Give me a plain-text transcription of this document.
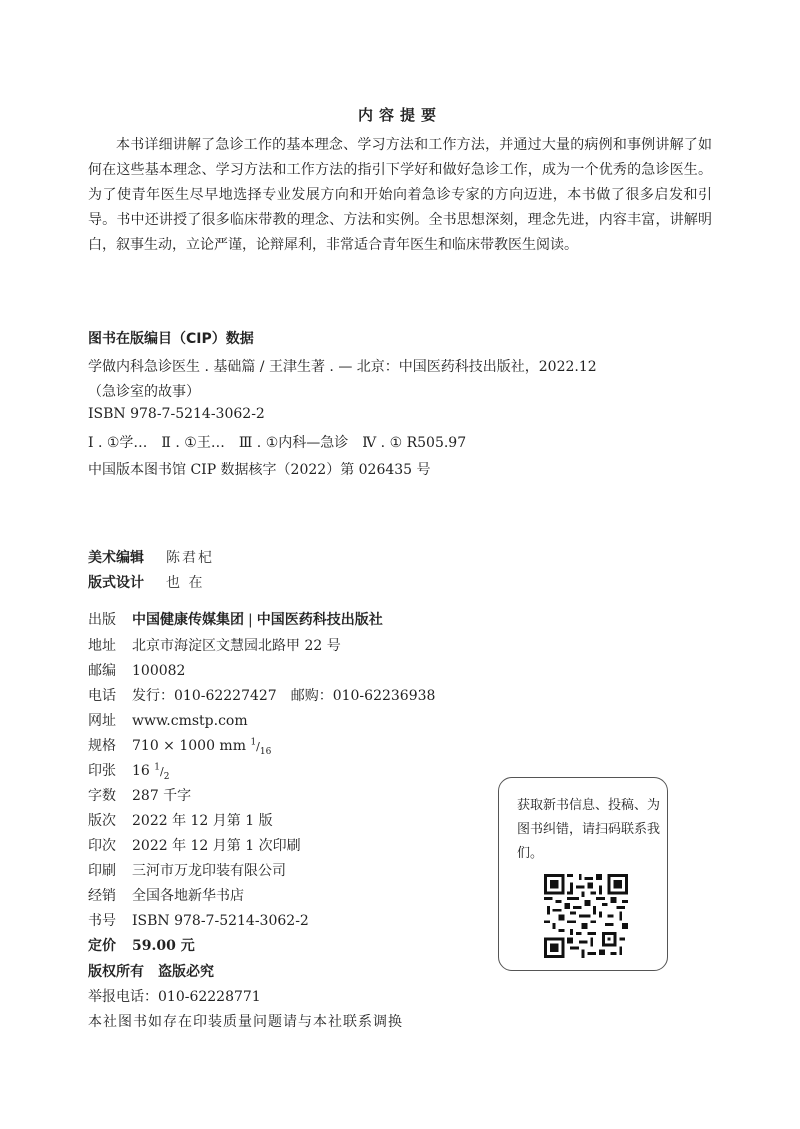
内容提要

本书详细讲解了急诊工作的基本理念、学习方法和工作方法，并通过大量的病例和事例讲解了如何在这些基本理念、学习方法和工作方法的指引下学好和做好急诊工作，成为一个优秀的急诊医生。为了使青年医生尽早地选择专业发展方向和开始向着急诊专家的方向迈进，本书做了很多启发和引导。书中还讲授了很多临床带教的理念、方法和实例。全书思想深刻，理念先进，内容丰富，讲解明白，叙事生动，立论严谨，论辩犀利，非常适合青年医生和临床带教医生阅读。

图书在版编目（CIP）数据
学做内科急诊医生 . 基础篇 / 王津生著 . — 北京：中国医药科技出版社，2022.12
（急诊室的故事）
ISBN 978-7-5214-3062-2
Ⅰ . ①学…　Ⅱ . ①王…　Ⅲ . ①内科—急诊　Ⅳ . ① R505.97
中国版本图书馆 CIP 数据核字（2022）第 026435 号
美术编辑 陈君杞
版式设计 也 在
出版 中国健康传媒集团 | 中国医药科技出版社
地址 北京市海淀区文慧园北路甲 22 号
邮编 100082
电话 发行：010-62227427　邮购：010-62236938
网址 www.cmstp.com
规格 710 × 1000 mm $^1/_{16}$
印张 16 $^1/_2$
字数 287 千字
版次 2022 年 12 月第 1 版
印次 2022 年 12 月第 1 次印刷
印刷 三河市万龙印装有限公司
经销 全国各地新华书店
书号 ISBN 978-7-5214-3062-2
定价 59.00 元
版权所有　盗版必究
举报电话：010-62228771
本社图书如存在印装质量问题请与本社联系调换

获取新书信息、投稿、为图书纠错，请扫码联系我们。
